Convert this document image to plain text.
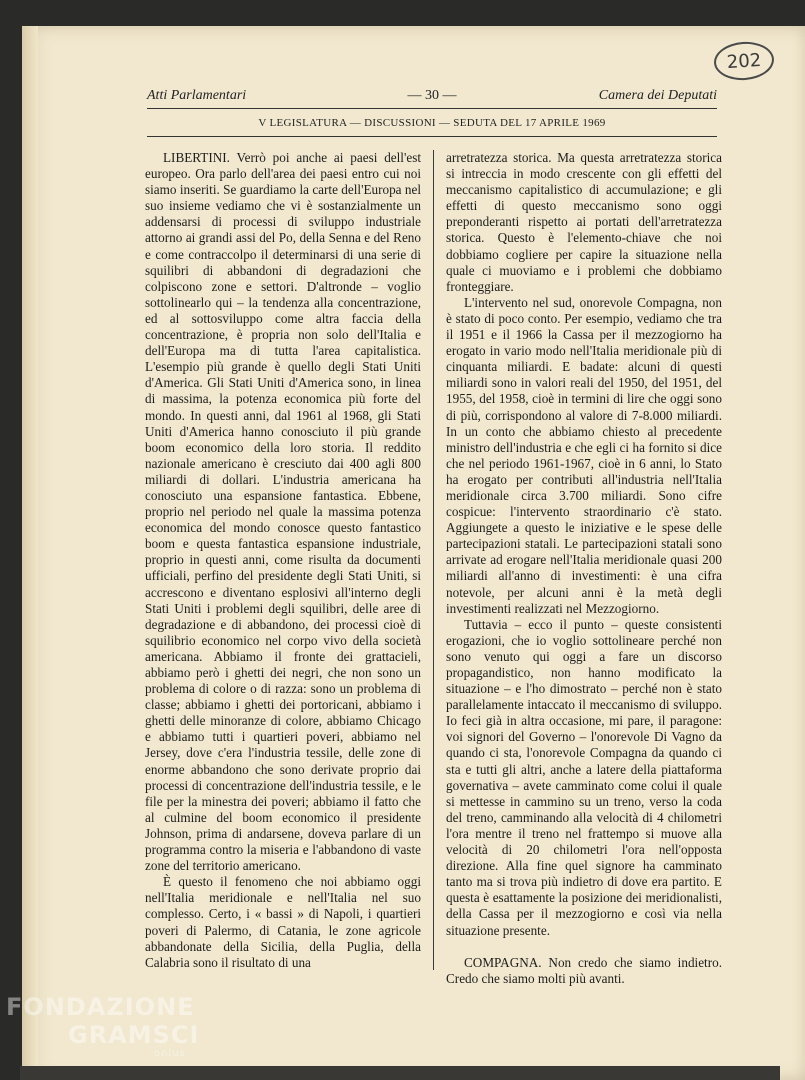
202
Atti Parlamentari	— 30 —	Camera dei Deputati
V LEGISLATURA — DISCUSSIONI — SEDUTA DEL 17 APRILE 1969

LIBERTINI. Verrò poi anche ai paesi dell'est europeo. Ora parlo dell'area dei paesi entro cui noi siamo inseriti. Se guardiamo la carte dell'Europa nel suo insieme vediamo che vi è sostanzialmente un addensarsi di processi di sviluppo industriale attorno ai grandi assi del Po, della Senna e del Reno e come contraccolpo il determinarsi di una serie di squilibri di abbandoni di degradazioni che colpiscono zone e settori. D'altronde – voglio sottolinearlo qui – la tendenza alla concentrazione, ed al sottosviluppo come altra faccia della concentrazione, è propria non solo dell'Italia e dell'Europa ma di tutta l'area capitalistica. L'esempio più grande è quello degli Stati Uniti d'America. Gli Stati Uniti d'America sono, in linea di massima, la potenza economica più forte del mondo. In questi anni, dal 1961 al 1968, gli Stati Uniti d'America hanno conosciuto il più grande boom economico della loro storia. Il reddito nazionale americano è cresciuto dai 400 agli 800 miliardi di dollari. L'industria americana ha conosciuto una espansione fantastica. Ebbene, proprio nel periodo nel quale la massima potenza economica del mondo conosce questo fantastico boom e questa fantastica espansione industriale, proprio in questi anni, come risulta da documenti ufficiali, perfino del presidente degli Stati Uniti, si accrescono e diventano esplosivi all'interno degli Stati Uniti i problemi degli squilibri, delle aree di degradazione e di abbandono, dei processi cioè di squilibrio economico nel corpo vivo della società americana. Abbiamo il fronte dei grattacieli, abbiamo però i ghetti dei negri, che non sono un problema di colore o di razza: sono un problema di classe; abbiamo i ghetti dei portoricani, abbiamo i ghetti delle minoranze di colore, abbiamo Chicago e abbiamo tutti i quartieri poveri, abbiamo nel Jersey, dove c'era l'industria tessile, delle zone di enorme abbandono che sono derivate proprio dai processi di concentrazione dell'industria tessile, e le file per la minestra dei poveri; abbiamo il fatto che al culmine del boom economico il presidente Johnson, prima di andarsene, doveva parlare di un programma contro la miseria e l'abbandono di vaste zone del territorio americano.

È questo il fenomeno che noi abbiamo oggi nell'Italia meridionale e nell'Italia nel suo complesso. Certo, i « bassi » di Napoli, i quartieri poveri di Palermo, di Catania, le zone agricole abbandonate della Sicilia, della Puglia, della Calabria sono il risultato di una

arretratezza storica. Ma questa arretratezza storica si intreccia in modo crescente con gli effetti del meccanismo capitalistico di accumulazione; e gli effetti di questo meccanismo sono oggi preponderanti rispetto ai portati dell'arretratezza storica. Questo è l'elemento-chiave che noi dobbiamo cogliere per capire la situazione nella quale ci muoviamo e i problemi che dobbiamo fronteggiare.

L'intervento nel sud, onorevole Compagna, non è stato di poco conto. Per esempio, vediamo che tra il 1951 e il 1966 la Cassa per il mezzogiorno ha erogato in vario modo nell'Italia meridionale più di cinquanta miliardi. E badate: alcuni di questi miliardi sono in valori reali del 1950, del 1951, del 1955, del 1958, cioè in termini di lire che oggi sono di più, corrispondono al valore di 7-8.000 miliardi. In un conto che abbiamo chiesto al precedente ministro dell'industria e che egli ci ha fornito si dice che nel periodo 1961-1967, cioè in 6 anni, lo Stato ha erogato per contributi all'industria nell'Italia meridionale circa 3.700 miliardi. Sono cifre cospicue: l'intervento straordinario c'è stato. Aggiungete a questo le iniziative e le spese delle partecipazioni statali. Le partecipazioni statali sono arrivate ad erogare nell'Italia meridionale quasi 200 miliardi all'anno di investimenti: è una cifra notevole, per alcuni anni è la metà degli investimenti realizzati nel Mezzogiorno.

Tuttavia – ecco il punto – queste consistenti erogazioni, che io voglio sottolineare perché non sono venuto qui oggi a fare un discorso propagandistico, non hanno modificato la situazione – e l'ho dimostrato – perché non è stato parallelamente intaccato il meccanismo di sviluppo. Io feci già in altra occasione, mi pare, il paragone: voi signori del Governo – l'onorevole Di Vagno da quando ci sta, l'onorevole Compagna da quando ci sta e tutti gli altri, anche a latere della piattaforma governativa – avete camminato come colui il quale si mettesse in cammino su un treno, verso la coda del treno, camminando alla velocità di 4 chilometri l'ora mentre il treno nel frattempo si muove alla velocità di 20 chilometri l'ora nell'opposta direzione. Alla fine quel signore ha camminato tanto ma si trova più indietro di dove era partito. E questa è esattamente la posizione dei meridionalisti, della Cassa per il mezzogiorno e così via nella situazione presente.

COMPAGNA. Non credo che siamo indietro. Credo che siamo molti più avanti.

FONDAZIONE
GRAMSCI
onlus
